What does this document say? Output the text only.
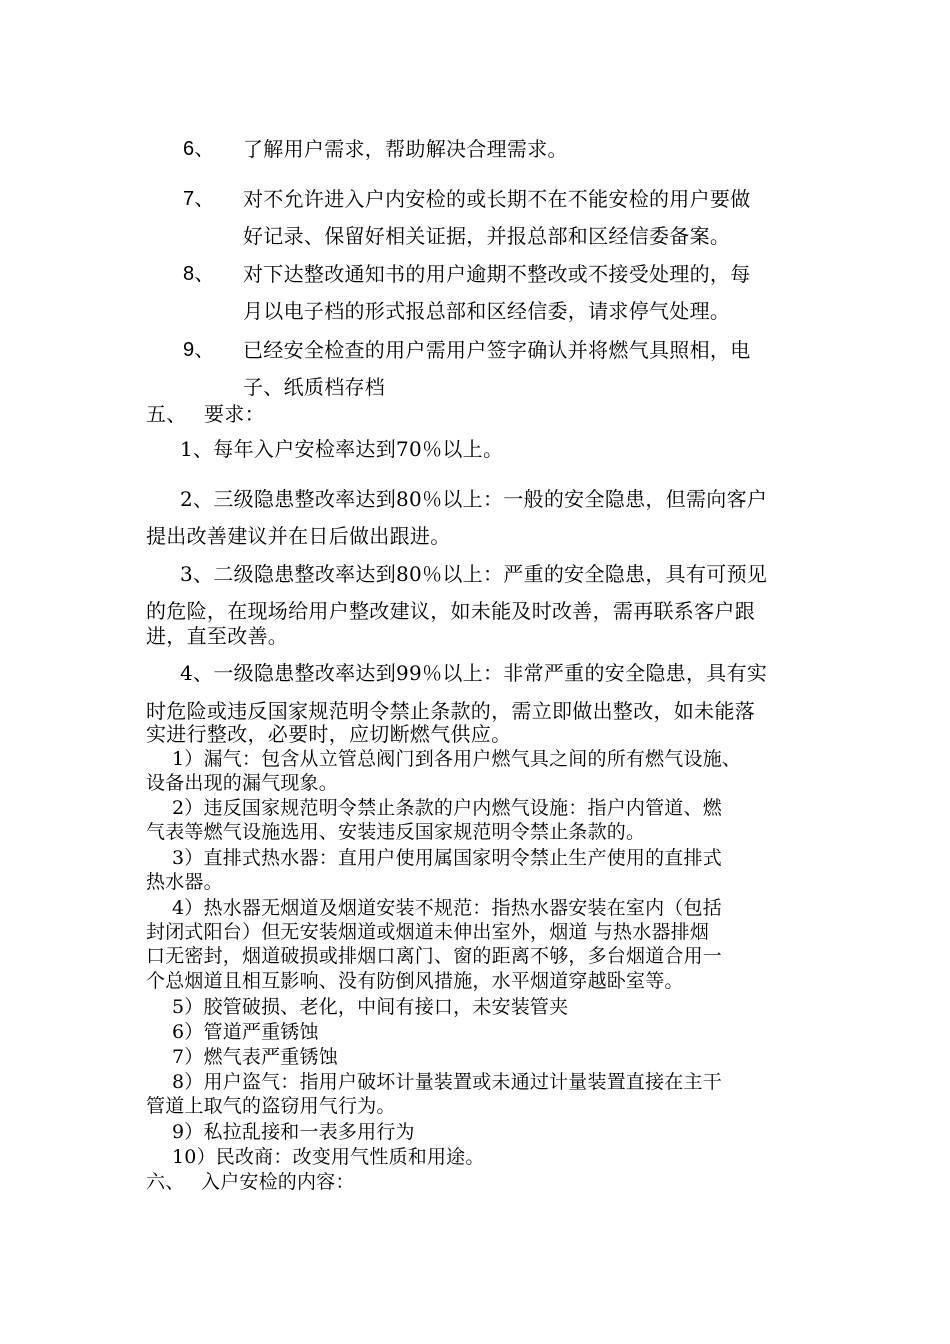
6、 了解用户需求，帮助解决合理需求。
7、 对不允许进入户内安检的或长期不在不能安检的用户要做
好记录、保留好相关证据，并报总部和区经信委备案。
8、 对下达整改通知书的用户逾期不整改或不接受处理的，每
月以电子档的形式报总部和区经信委，请求停气处理。
9、 已经安全检查的用户需用户签字确认并将燃气具照相，电
子、纸质档存档
五、 要求：
1、每年入户安检率达到70％以上。
2、三级隐患整改率达到80％以上：一般的安全隐患，但需向客户
提出改善建议并在日后做出跟进。
3、二级隐患整改率达到80％以上：严重的安全隐患，具有可预见
的危险，在现场给用户整改建议，如未能及时改善，需再联系客户跟
进，直至改善。
4、一级隐患整改率达到99％以上：非常严重的安全隐患，具有实
时危险或违反国家规范明令禁止条款的，需立即做出整改，如未能落
实进行整改，必要时，应切断燃气供应。
1）漏气：包含从立管总阀门到各用户燃气具之间的所有燃气设施、
设备出现的漏气现象。
2）违反国家规范明令禁止条款的户内燃气设施：指户内管道、燃
气表等燃气设施选用、安装违反国家规范明令禁止条款的。
3）直排式热水器：直用户使用属国家明令禁止生产使用的直排式
热水器。
4）热水器无烟道及烟道安装不规范：指热水器安装在室内（包括
封闭式阳台）但无安装烟道或烟道未伸出室外，烟道 与热水器排烟
口无密封，烟道破损或排烟口离门、窗的距离不够，多台烟道合用一
个总烟道且相互影响、没有防倒风措施，水平烟道穿越卧室等。
5）胶管破损、老化，中间有接口，未安装管夹
6）管道严重锈蚀
7）燃气表严重锈蚀
8）用户盗气：指用户破坏计量装置或未通过计量装置直接在主干
管道上取气的盗窃用气行为。
9）私拉乱接和一表多用行为
10）民改商：改变用气性质和用途。
六、 入户安检的内容：
